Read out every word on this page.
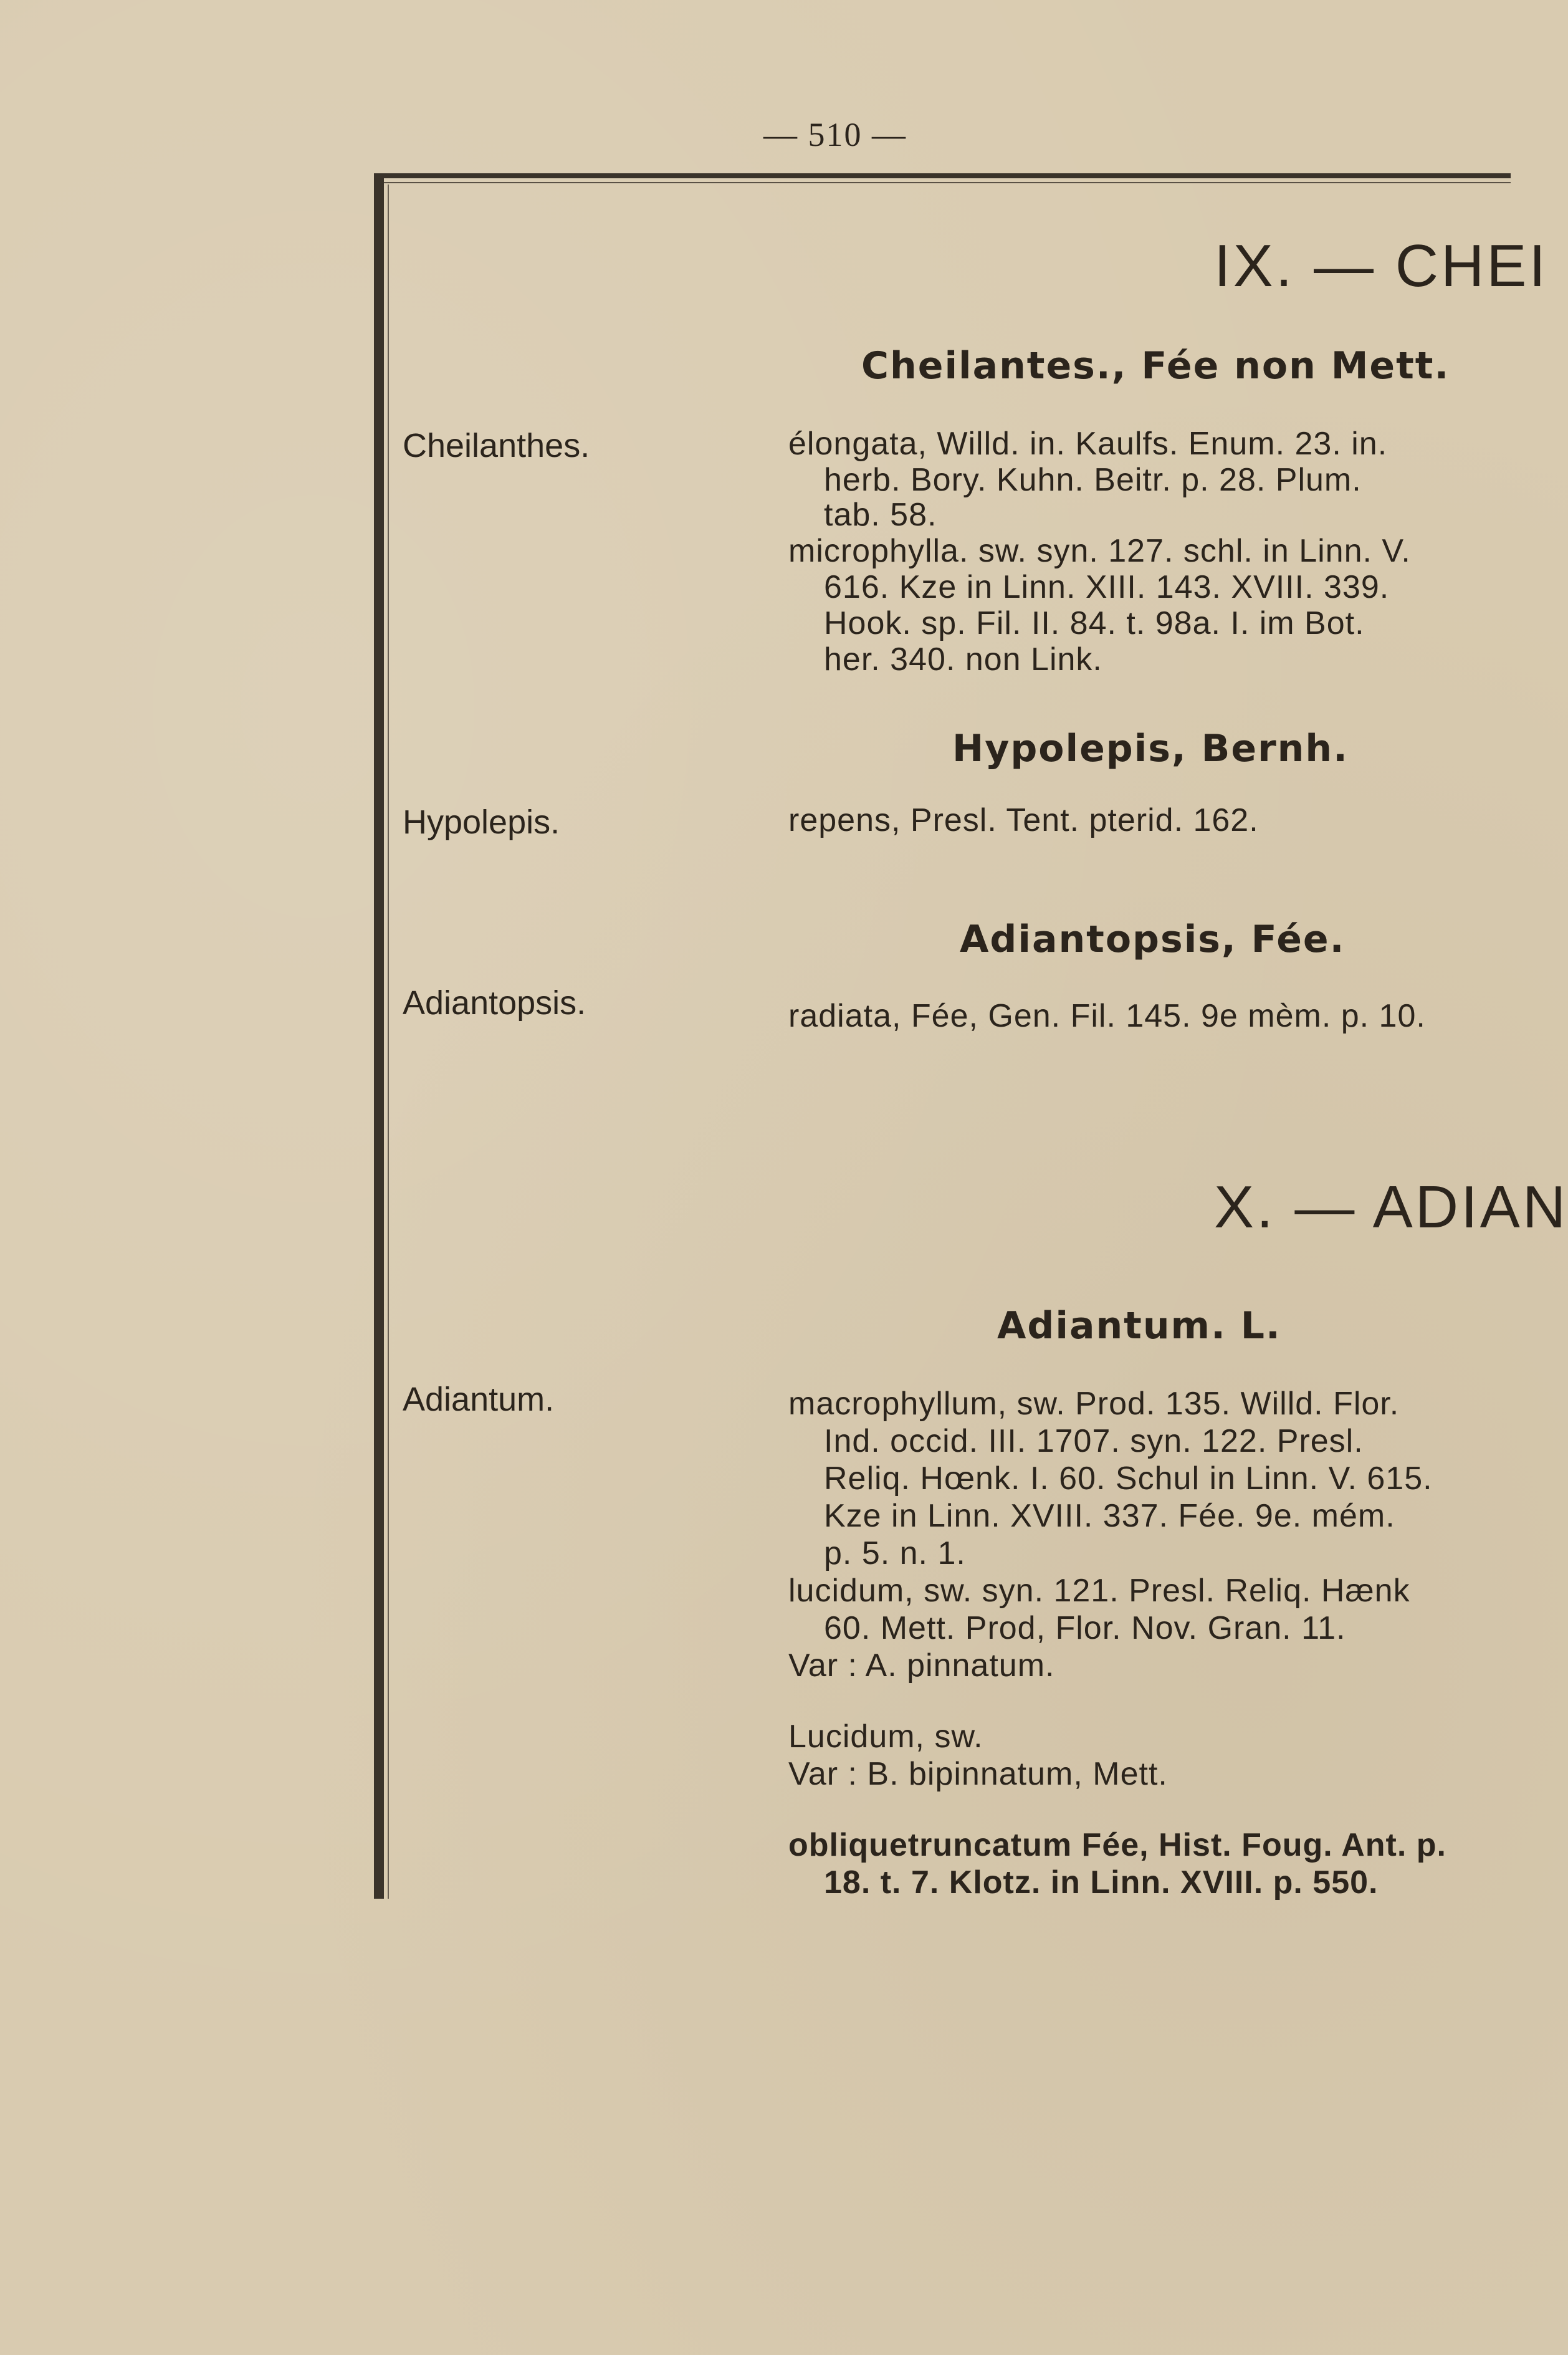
— 510 —
IX. — CHEI
Cheilantes., Fée non Mett.
Cheilanthes.	élongata, Willd. in. Kaulfs. Enum. 23. in.
herb. Bory. Kuhn. Beitr. p. 28. Plum.
tab. 58.
microphylla. sw. syn. 127. schl. in Linn. V.
616. Kze in Linn. XIII. 143. XVIII. 339.
Hook. sp. Fil. II. 84. t. 98a. I. im Bot.
her. 340. non Link.
Hypolepis, Bernh.
Hypolepis.	repens, Presl. Tent. pterid. 162.
Adiantopsis, Fée.
Adiantopsis.	radiata, Fée, Gen. Fil. 145. 9e mèm. p. 10.
X. — ADIAN
Adiantum. L.
Adiantum.	macrophyllum, sw. Prod. 135. Willd. Flor.
Ind. occid. III. 1707. syn. 122. Presl.
Reliq. Hœnk. I. 60. Schul in Linn. V. 615.
Kze in Linn. XVIII. 337. Fée. 9e. mém.
p. 5. n. 1.
lucidum, sw. syn. 121. Presl. Reliq. Hænk
60. Mett. Prod, Flor. Nov. Gran. 11.
Var : A. pinnatum.
Lucidum, sw.
Var : B. bipinnatum, Mett.
obliquetruncatum Fée, Hist. Foug. Ant. p.
18. t. 7. Klotz. in Linn. XVIII. p. 550.
